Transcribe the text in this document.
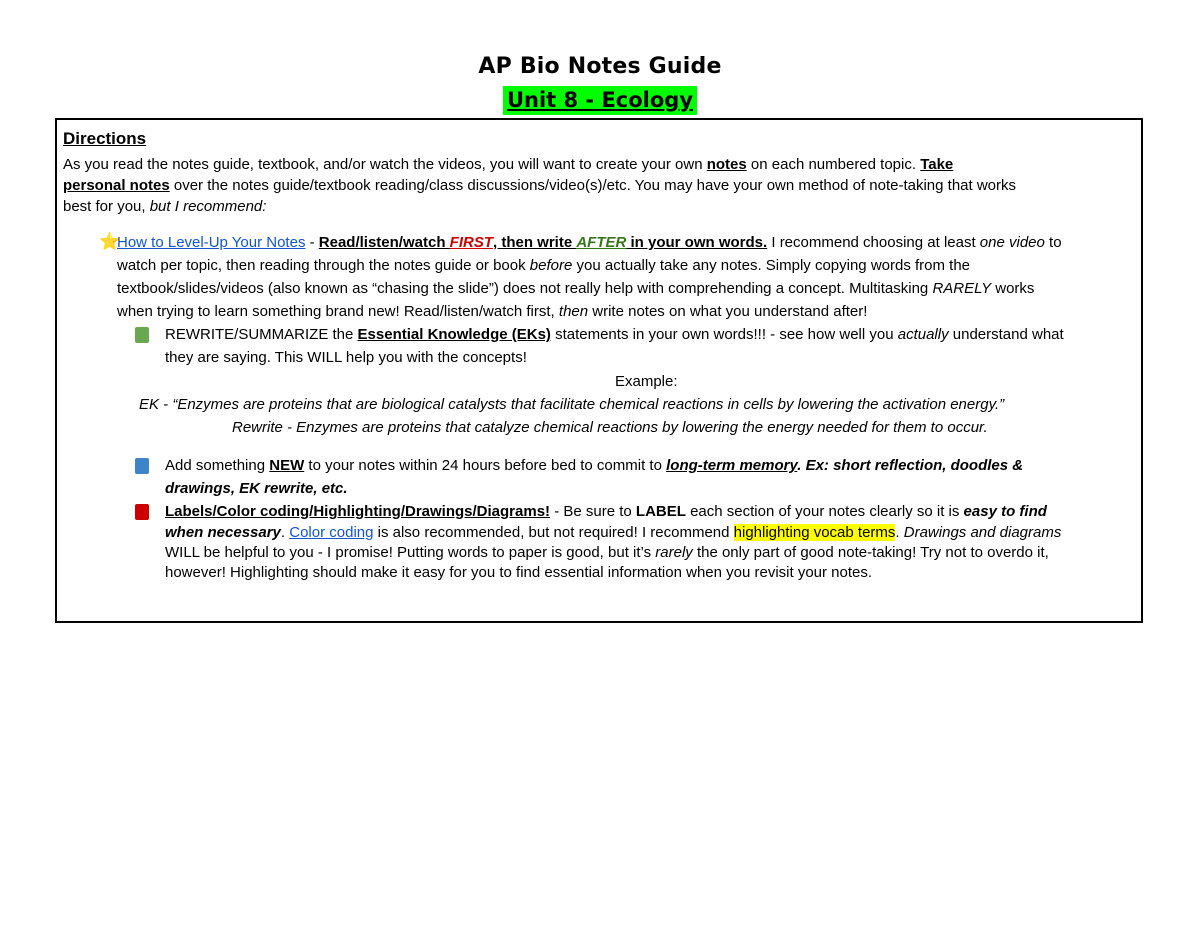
AP Bio Notes Guide
Unit 8 - Ecology
Directions
As you read the notes guide, textbook, and/or watch the videos, you will want to create your own notes on each numbered topic. Take
personal notes over the notes guide/textbook reading/class discussions/video(s)/etc. You may have your own method of note-taking that works
best for you, but I recommend:
⭐
How to Level-Up Your Notes - Read/listen/watch FIRST, then write AFTER in your own words. I recommend choosing at least one video to
watch per topic, then reading through the notes guide or book before you actually take any notes. Simply copying words from the
textbook/slides/videos (also known as “chasing the slide”) does not really help with comprehending a concept. Multitasking RARELY works
when trying to learn something brand new! Read/listen/watch first, then write notes on what you understand after!
REWRITE/SUMMARIZE the Essential Knowledge (EKs) statements in your own words!!! - see how well you actually understand what
they are saying. This WILL help you with the concepts!
Example:
EK - “Enzymes are proteins that are biological catalysts that facilitate chemical reactions in cells by lowering the activation energy.”
Rewrite - Enzymes are proteins that catalyze chemical reactions by lowering the energy needed for them to occur.
Add something NEW to your notes within 24 hours before bed to commit to long-term memory. Ex: short reflection, doodles &
drawings, EK rewrite, etc.
Labels/Color coding/Highlighting/Drawings/Diagrams! - Be sure to LABEL each section of your notes clearly so it is easy to find
when necessary. Color coding is also recommended, but not required! I recommend highlighting vocab terms. Drawings and diagrams
WILL be helpful to you - I promise! Putting words to paper is good, but it’s rarely the only part of good note-taking! Try not to overdo it,
however! Highlighting should make it easy for you to find essential information when you revisit your notes.
